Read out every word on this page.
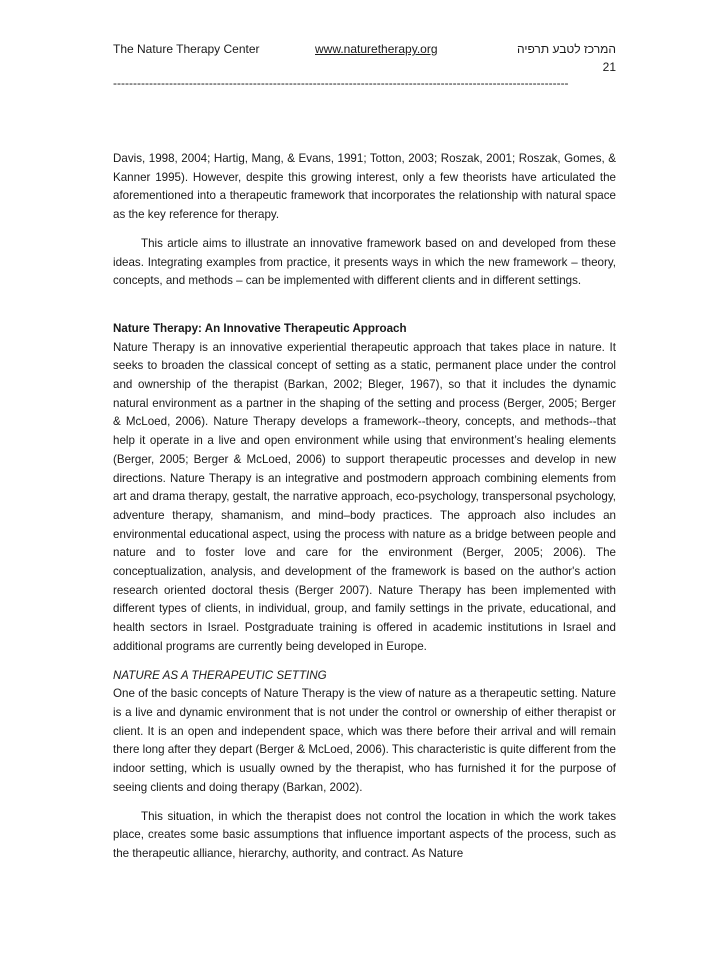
The Nature Therapy Center	www.naturetherapy.org	המרכז לטבע תרפיה
21
------------------------------------------------------------------------------------------------------------------

Davis, 1998, 2004; Hartig, Mang, & Evans, 1991; Totton, 2003; Roszak, 2001; Roszak, Gomes, & Kanner 1995). However, despite this growing interest, only a few theorists have articulated the aforementioned into a therapeutic framework that incorporates the relationship with natural space as the key reference for therapy.

This article aims to illustrate an innovative framework based on and developed from these ideas. Integrating examples from practice, it presents ways in which the new framework – theory, concepts, and methods – can be implemented with different clients and in different settings.

Nature Therapy: An Innovative Therapeutic Approach

Nature Therapy is an innovative experiential therapeutic approach that takes place in nature. It seeks to broaden the classical concept of setting as a static, permanent place under the control and ownership of the therapist (Barkan, 2002; Bleger, 1967), so that it includes the dynamic natural environment as a partner in the shaping of the setting and process (Berger, 2005; Berger & McLoed, 2006). Nature Therapy develops a framework--theory, concepts, and methods--that help it operate in a live and open environment while using that environment’s healing elements (Berger, 2005; Berger & McLoed, 2006) to support therapeutic processes and develop in new directions. Nature Therapy is an integrative and postmodern approach combining elements from art and drama therapy, gestalt, the narrative approach, eco-psychology, transpersonal psychology, adventure therapy, shamanism, and mind–body practices. The approach also includes an environmental educational aspect, using the process with nature as a bridge between people and nature and to foster love and care for the environment (Berger, 2005; 2006). The conceptualization, analysis, and development of the framework is based on the author's action research oriented doctoral thesis (Berger 2007). Nature Therapy has been implemented with different types of clients, in individual, group, and family settings in the private, educational, and health sectors in Israel. Postgraduate training is offered in academic institutions in Israel and additional programs are currently being developed in Europe.

NATURE AS A THERAPEUTIC SETTING

One of the basic concepts of Nature Therapy is the view of nature as a therapeutic setting. Nature is a live and dynamic environment that is not under the control or ownership of either therapist or client. It is an open and independent space, which was there before their arrival and will remain there long after they depart (Berger & McLoed, 2006). This characteristic is quite different from the indoor setting, which is usually owned by the therapist, who has furnished it for the purpose of seeing clients and doing therapy (Barkan, 2002).

This situation, in which the therapist does not control the location in which the work takes place, creates some basic assumptions that influence important aspects of the process, such as the therapeutic alliance, hierarchy, authority, and contract. As Nature
